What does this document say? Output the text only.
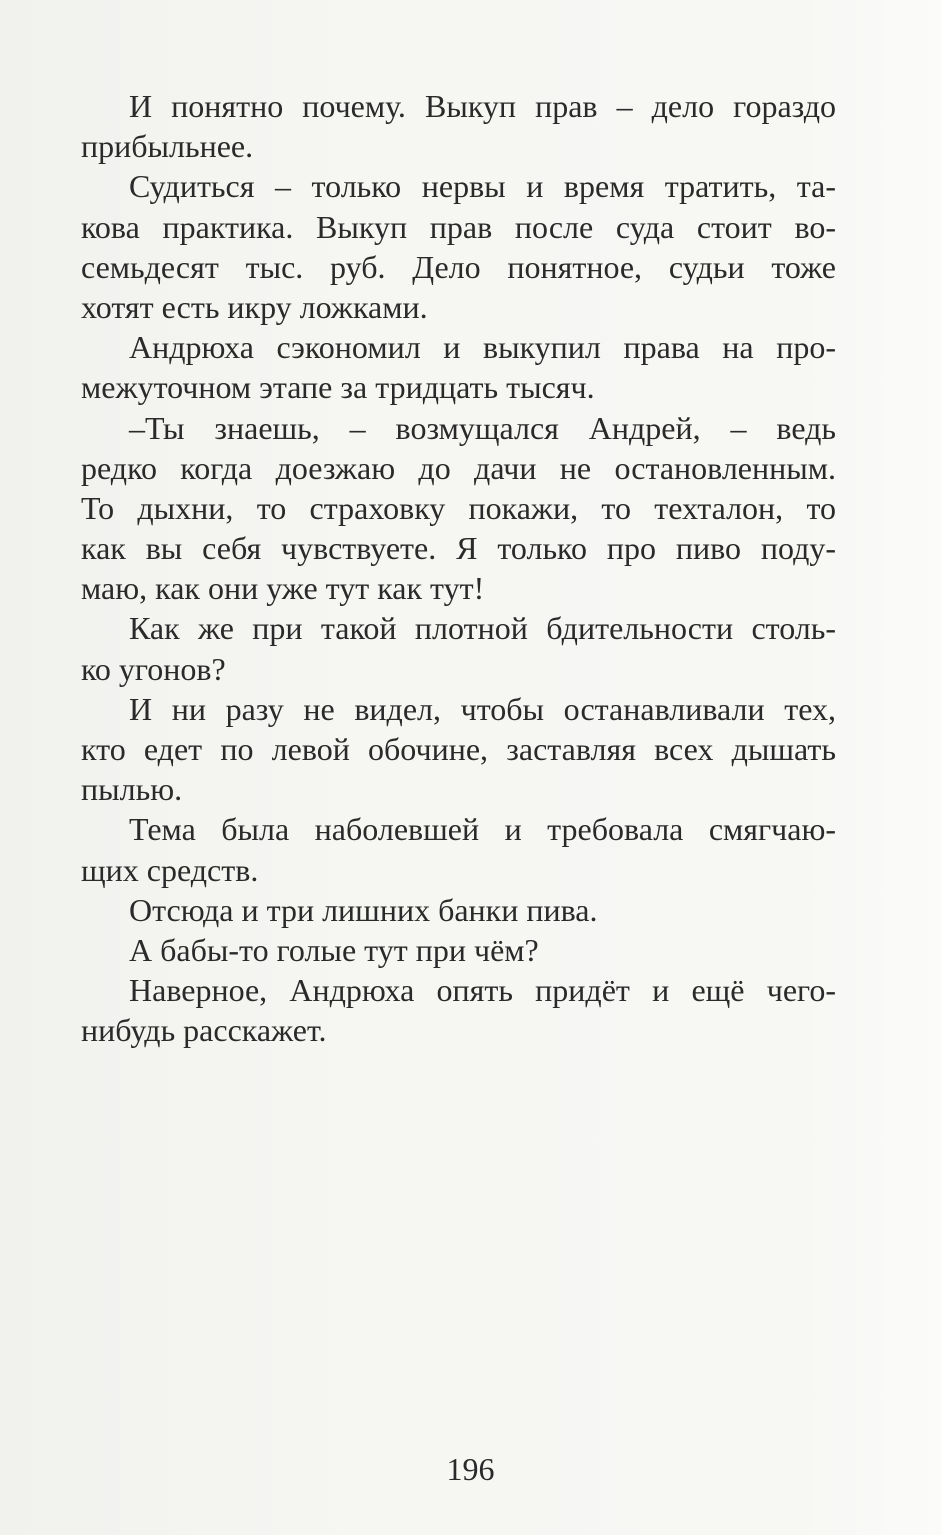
И понятно почему. Выкуп прав – дело гораздо
прибыльнее.
Судиться – только нервы и время тратить, та-
кова практика. Выкуп прав после суда стоит во-
семьдесят тыс. руб. Дело понятное, судьи тоже
хотят есть икру ложками.
Андрюха сэкономил и выкупил права на про-
межуточном этапе за тридцать тысяч.
–Ты знаешь, – возмущался Андрей, – ведь
редко когда доезжаю до дачи не остановленным.
То дыхни, то страховку покажи, то техталон, то
как вы себя чувствуете. Я только про пиво поду-
маю, как они уже тут как тут!
Как же при такой плотной бдительности столь-
ко угонов?
И ни разу не видел, чтобы останавливали тех,
кто едет по левой обочине, заставляя всех дышать
пылью.
Тема была наболевшей и требовала смягчаю-
щих средств.
Отсюда и три лишних банки пива.
А бабы-то голые тут при чём?
Наверное, Андрюха опять придёт и ещё чего-
нибудь расскажет.
196
